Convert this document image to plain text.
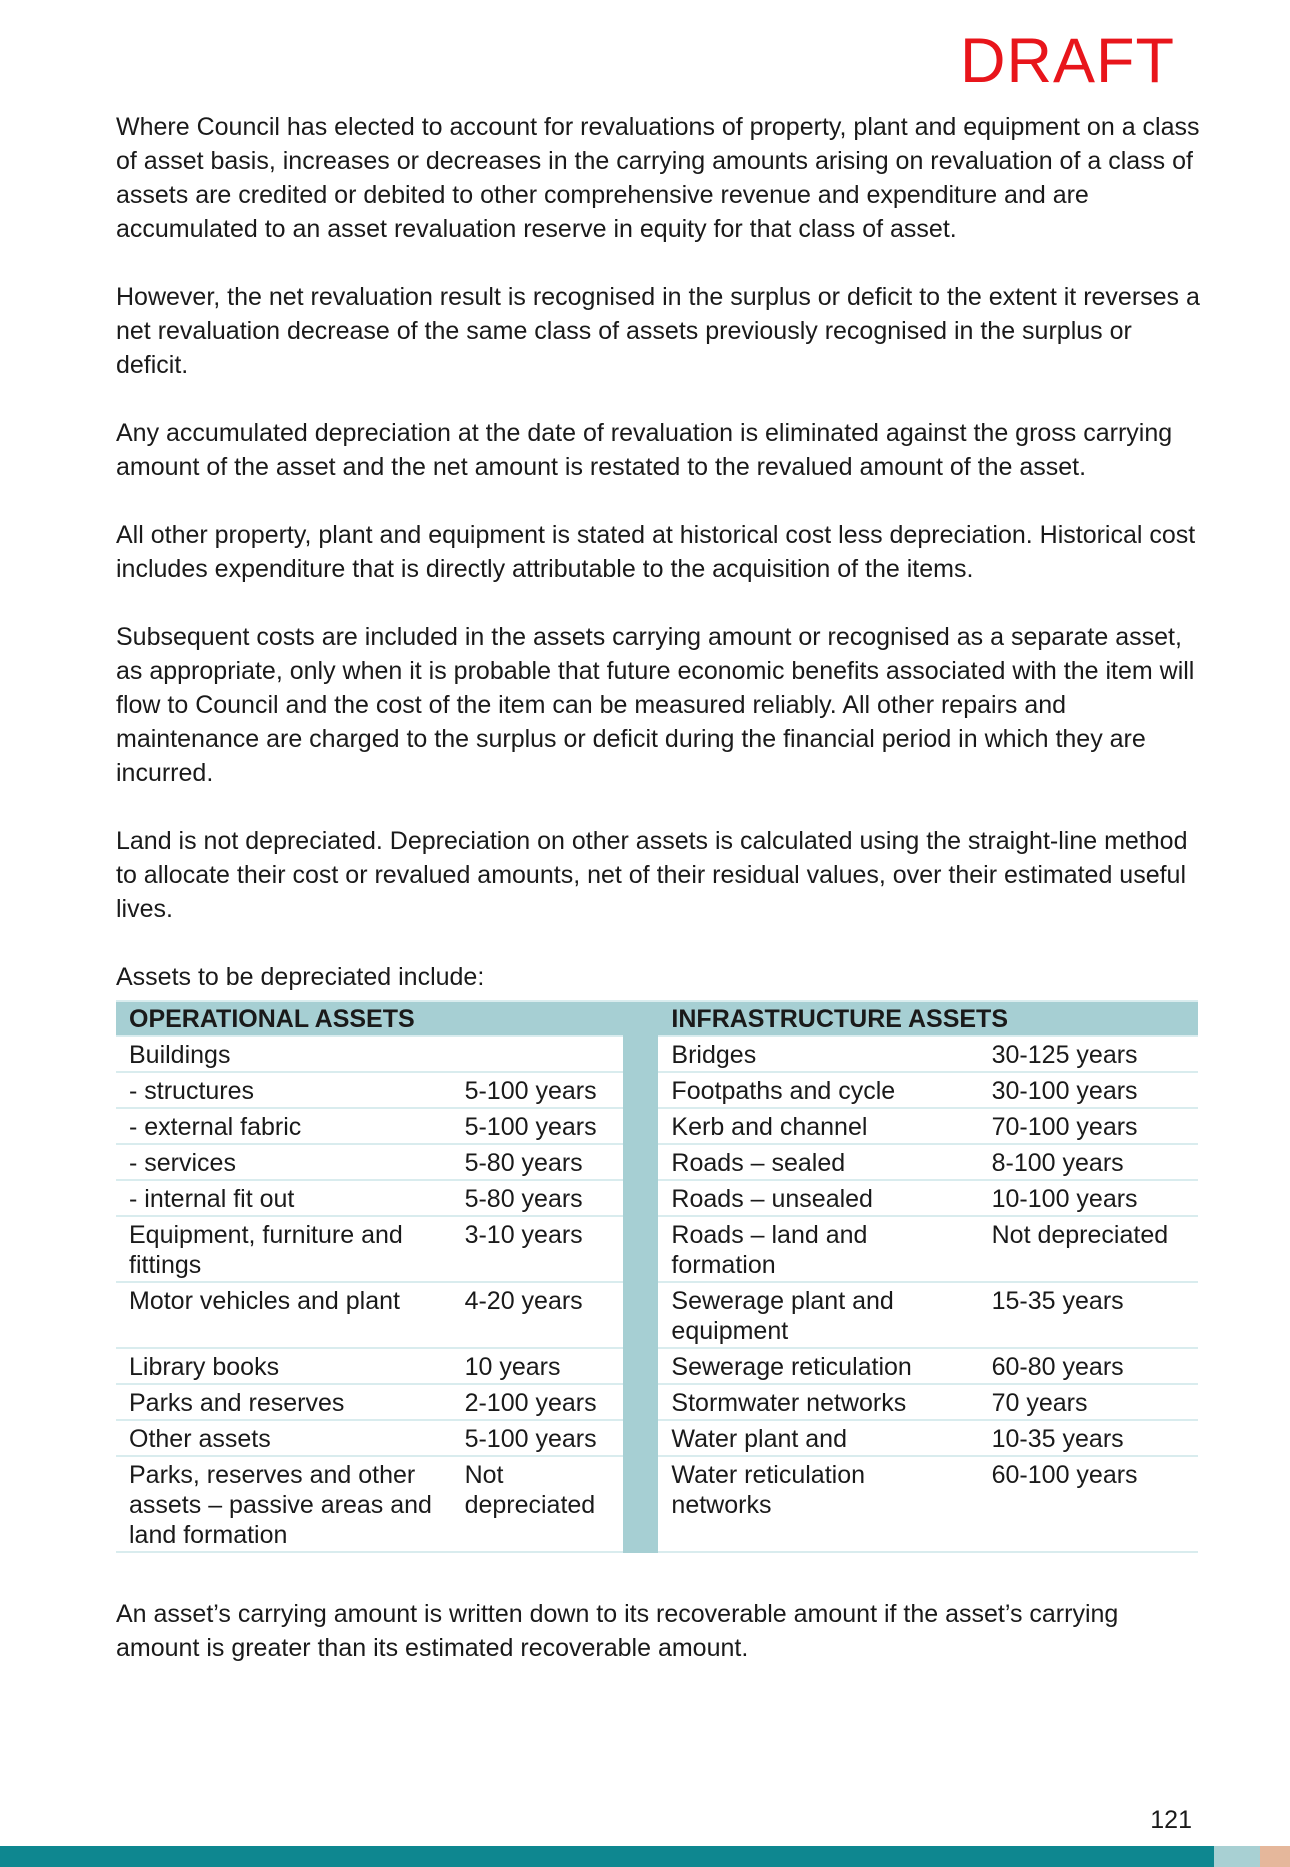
DRAFT

Where Council has elected to account for revaluations of property, plant and equipment on a class of asset basis, increases or decreases in the carrying amounts arising on revaluation of a class of assets are credited or debited to other comprehensive revenue and expenditure and are accumulated to an asset revaluation reserve in equity for that class of asset.

However, the net revaluation result is recognised in the surplus or deficit to the extent it reverses a net revaluation decrease of the same class of assets previously recognised in the surplus or deficit.

Any accumulated depreciation at the date of revaluation is eliminated against the gross carrying amount of the asset and the net amount is restated to the revalued amount of the asset.

All other property, plant and equipment is stated at historical cost less depreciation. Historical cost includes expenditure that is directly attributable to the acquisition of the items.

Subsequent costs are included in the assets carrying amount or recognised as a separate asset, as appropriate, only when it is probable that future economic benefits associated with the item will flow to Council and the cost of the item can be measured reliably. All other repairs and maintenance are charged to the surplus or deficit during the financial period in which they are incurred.

Land is not depreciated. Depreciation on other assets is calculated using the straight-line method to allocate their cost or revalued amounts, net of their residual values, over their estimated useful lives.

Assets to be depreciated include:

OPERATIONAL ASSETS			INFRASTRUCTURE ASSETS	
Buildings			Bridges	30-125 years
- structures	5-100 years		Footpaths and cycle	30-100 years
- external fabric	5-100 years		Kerb and channel	70-100 years
- services	5-80 years		Roads – sealed	8-100 years
- internal fit out	5-80 years		Roads – unsealed	10-100 years
Equipment, furniture and fittings	3-10 years		Roads – land and formation	Not depreciated
Motor vehicles and plant	4-20 years		Sewerage plant and equipment	15-35 years
Library books	10 years		Sewerage reticulation	60-80 years
Parks and reserves	2-100 years		Stormwater networks	70 years
Other assets	5-100 years		Water plant and	10-35 years
Parks, reserves and other assets – passive areas and land formation	Not depreciated		Water reticulation networks	60-100 years

An asset’s carrying amount is written down to its recoverable amount if the asset’s carrying amount is greater than its estimated recoverable amount.

121
